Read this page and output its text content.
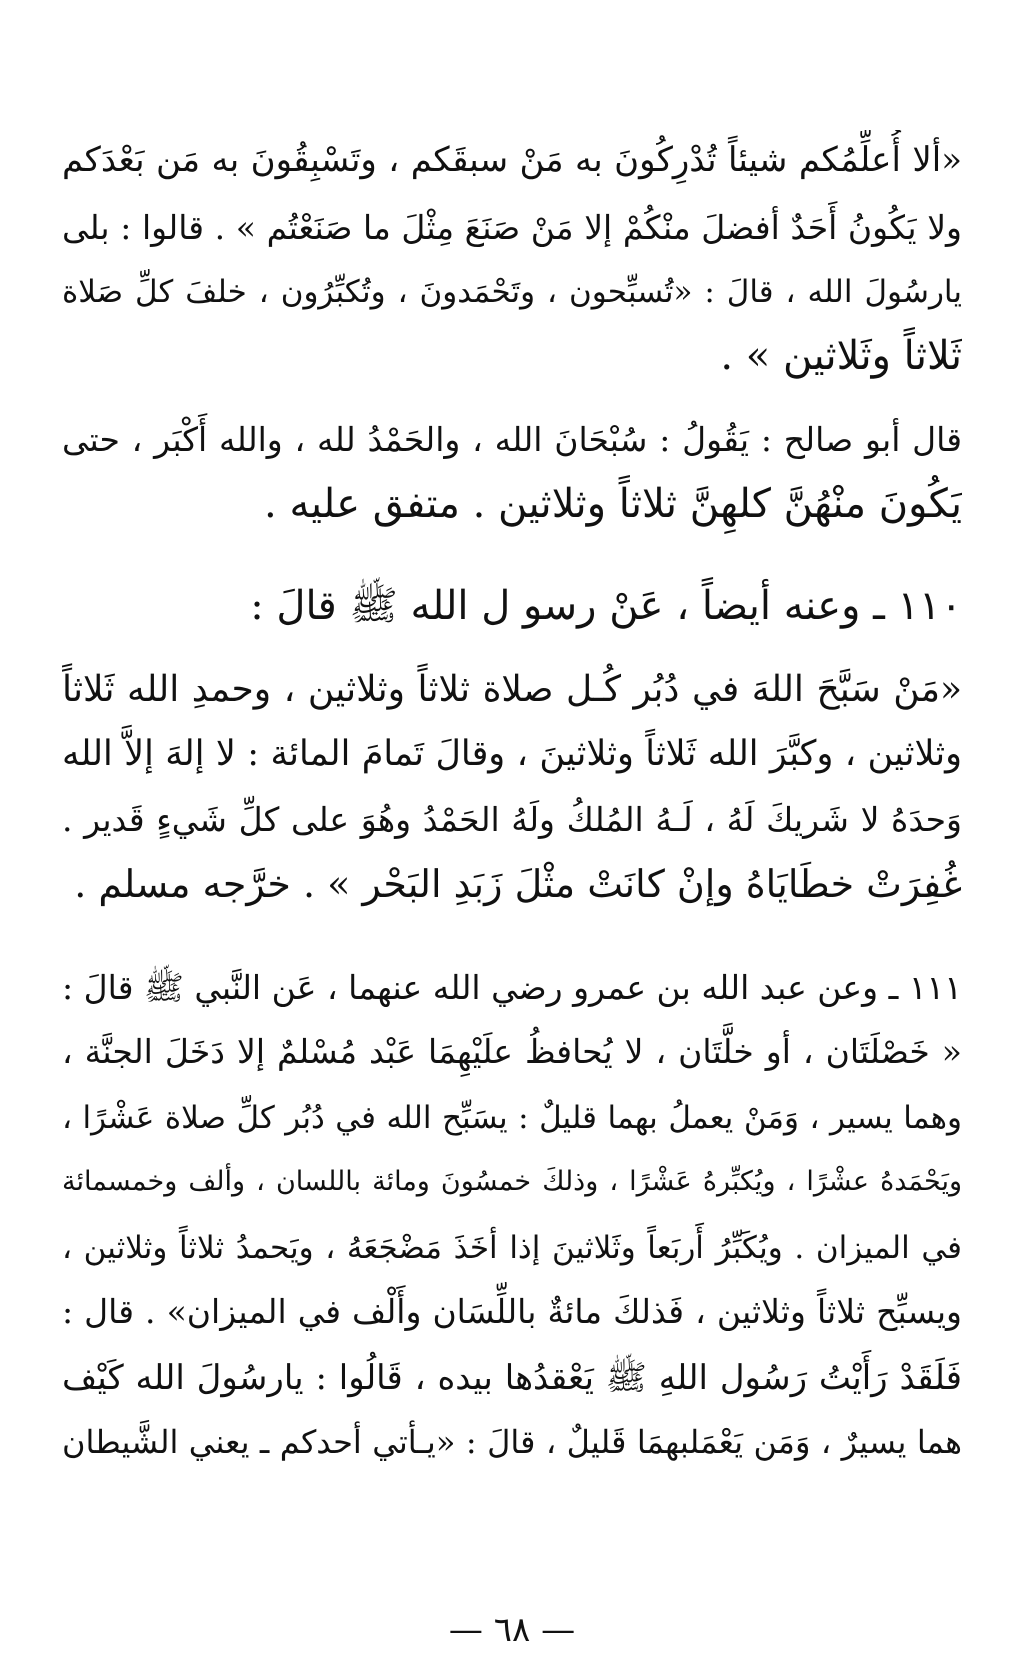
«ألا أُعلِّمُكم شيئاً تُدْرِكُونَ به مَنْ سبقَكم ، وتَسْبِقُونَ به مَن بَعْدَكم
ولا يَكُونُ أَحَدٌ أفضلَ منْكُمْ إلا مَنْ صَنَعَ مِثْلَ ما صَنَعْتُم » . قالوا : بلى
يارسُولَ الله ، قالَ : «تُسبِّحون ، وتَحْمَدونَ ، وتُكبِّرُون ، خلفَ كلِّ صَلاة
ثَلاثاً وثَلاثين » .
قال أبو صالح : يَقُولُ : سُبْحَانَ الله ، والحَمْدُ لله ، والله أَكْبَر ، حتى
يَكُونَ منْهُنَّ كلهِنَّ ثلاثاً وثلاثين . متفق عليه .
١١٠ ـ وعنه أيضاً ، عَنْ رسو ل الله ﷺ قالَ :
«مَنْ سَبَّحَ اللهَ في دُبُر كُـل صلاة ثلاثاً وثلاثين ، وحمدِ الله ثَلاثاً
وثلاثين ، وكبَّرَ الله ثَلاثاً وثلاثينَ ، وقالَ تَمامَ المائة : لا إلهَ إلاَّ الله
وَحدَهُ لا شَريكَ لَهُ ، لَـهُ المُلكُ ولَهُ الحَمْدُ وهُوَ على كلِّ شَيءٍ قَدير .
غُفِرَتْ خطَايَاهُ وإنْ كانَتْ مثْلَ زَبَدِ البَحْر » . خرَّجه مسلم .
١١١ ـ وعن عبد الله بن عمرو رضي الله عنهما ، عَن النَّبي ﷺ قالَ :
« خَصْلَتَان ، أو خلَّتَان ، لا يُحافظُ علَيْهِمَا عَبْد مُسْلمٌ إلا دَخَلَ الجنَّة ،
وهما يسير ، وَمَنْ يعملُ بهما قليلٌ : يسَبِّح الله في دُبُر كلِّ صلاة عَشْرًا ،
ويَحْمَدهُ عشْرًا ، ويُكبِّرهُ عَشْرًا ، وذلكَ خمسُونَ ومائة باللسان ، وألف وخمسمائة
في الميزان . ويُكَبِّرُ أَربَعاً وثَلاثينَ إذا أخَذَ مَضْجَعَهُ ، ويَحمدُ ثلاثاً وثلاثين ،
ويسبِّح ثلاثاً وثلاثين ، فَذلكَ مائةٌ باللِّسَان وأَلْف في الميزان» . قال :
فَلَقَدْ رَأَيْتُ رَسُول اللهِ ﷺ يَعْقدُها بيده ، قَالُوا : يارسُولَ الله كَيْف
هما يسيرٌ ، وَمَن يَعْمَلبهمَا قَليلٌ ، قالَ : «يـأتي أحدكم ـ يعني الشَّيطان
— ٦٨ —
